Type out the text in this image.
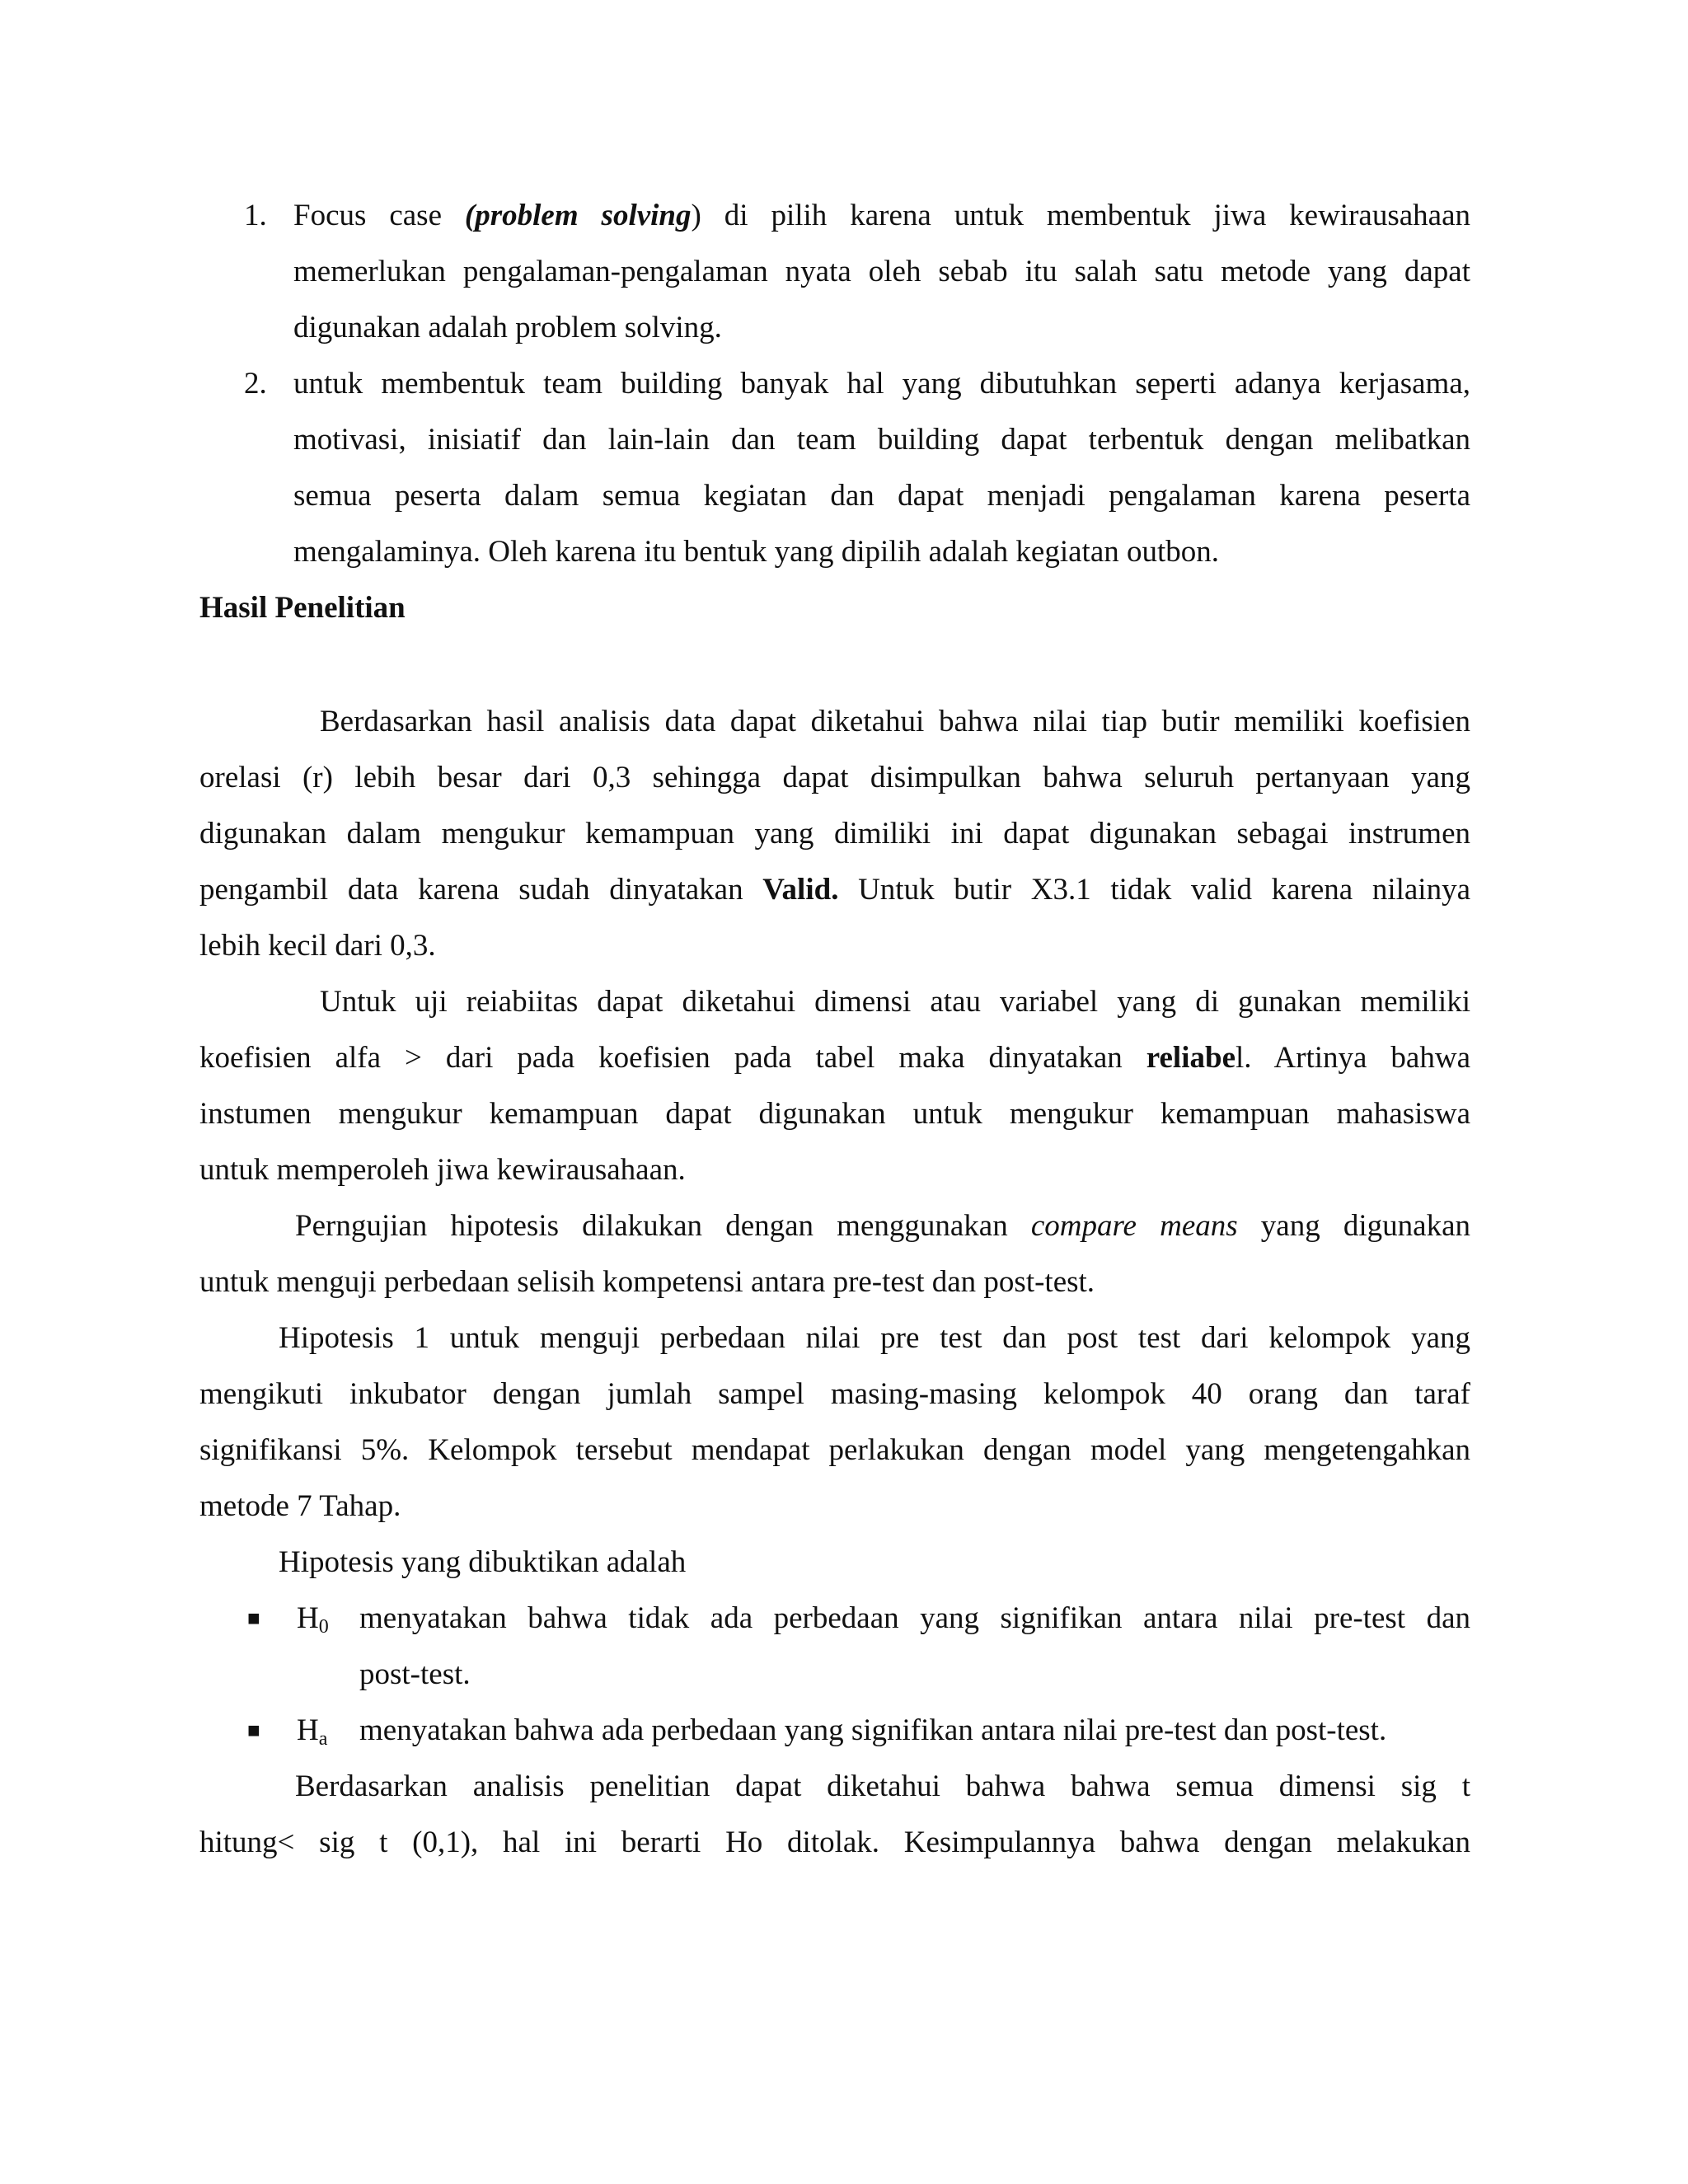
1. Focus case (problem solving) di pilih karena untuk membentuk jiwa kewirausahaan
memerlukan pengalaman-pengalaman nyata oleh sebab itu salah satu metode yang dapat
digunakan adalah problem solving.
2. untuk membentuk team building banyak hal yang dibutuhkan seperti adanya kerjasama,
motivasi, inisiatif dan lain-lain dan team building dapat terbentuk dengan melibatkan
semua peserta dalam semua kegiatan dan dapat menjadi pengalaman karena peserta
mengalaminya. Oleh karena itu bentuk yang dipilih adalah kegiatan outbon.
Hasil Penelitian
Berdasarkan hasil analisis data dapat diketahui bahwa nilai tiap butir memiliki koefisien
orelasi (r) lebih besar dari 0,3 sehingga dapat disimpulkan bahwa seluruh pertanyaan yang
digunakan dalam mengukur kemampuan yang dimiliki ini dapat digunakan sebagai instrumen
pengambil data karena sudah dinyatakan Valid. Untuk butir X3.1 tidak valid karena nilainya
lebih kecil dari 0,3.
Untuk uji reiabiitas dapat diketahui dimensi atau variabel yang di gunakan memiliki
koefisien alfa > dari pada koefisien pada tabel maka dinyatakan reliabel. Artinya bahwa
instumen mengukur kemampuan dapat digunakan untuk mengukur kemampuan mahasiswa
untuk memperoleh jiwa kewirausahaan.
Perngujian hipotesis dilakukan dengan menggunakan compare means yang digunakan
untuk menguji perbedaan selisih kompetensi antara pre-test dan post-test.
Hipotesis 1 untuk menguji perbedaan nilai pre test dan post test dari kelompok yang
mengikuti inkubator dengan jumlah sampel masing-masing kelompok 40 orang dan taraf
signifikansi 5%. Kelompok tersebut mendapat perlakukan dengan model yang mengetengahkan
metode 7 Tahap.
Hipotesis yang dibuktikan adalah
■ $H_0$ menyatakan bahwa tidak ada perbedaan yang signifikan antara nilai pre-test dan
post-test.
■ $H_a$ menyatakan bahwa ada perbedaan yang signifikan antara nilai pre-test dan post-test.
Berdasarkan analisis penelitian dapat diketahui bahwa bahwa semua dimensi sig t
hitung< sig t (0,1), hal ini berarti Ho ditolak. Kesimpulannya bahwa dengan melakukan
